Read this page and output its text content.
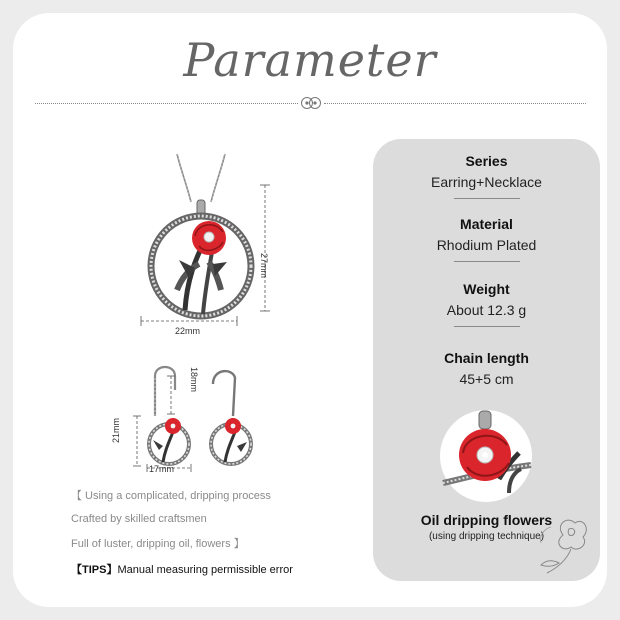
Parameter
27mm
22mm
18mm
21mm
17mm
【 Using a complicated, dripping process
Crafted by skilled craftsmen
Full of luster, dripping oil, flowers 】
【TIPS】Manual measuring permissible error
Series
Earring+Necklace
Material
Rhodium Plated
Weight
About 12.3 g
Chain length
45+5 cm
Oil dripping flowers
(using dripping technique)
